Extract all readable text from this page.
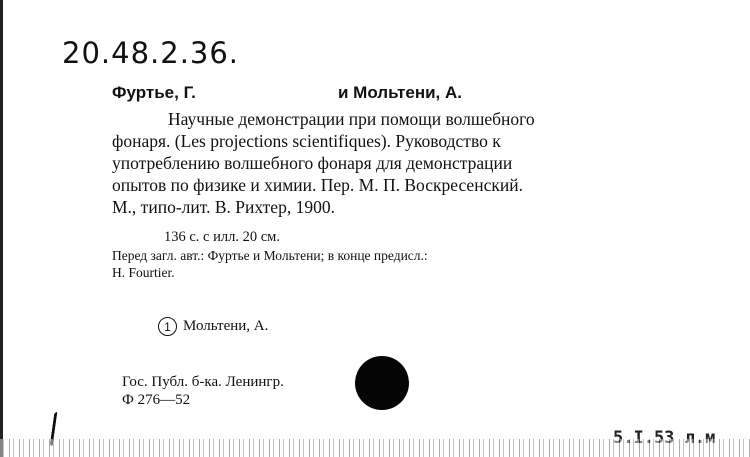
20.48.2.36.
Фуртье, Г.	и Мольтени, А.
Научные демонстрации при помощи волшебного
фонаря. (Les projections scientifiques). Руководство к
употреблению волшебного фонаря для демонстрации
опытов по физике и химии. Пер. М. П. Воскресенский.
М., типо-лит. В. Рихтер, 1900.
136 с. с илл. 20 см.
Перед загл. авт.: Фуртье и Мольтени; в конце предисл.:
Н. Fourtier.
1 Мольтени, А.
Гос. Публ. б-ка. Ленингр.
Ф 276—52
5.I.53 л.м
